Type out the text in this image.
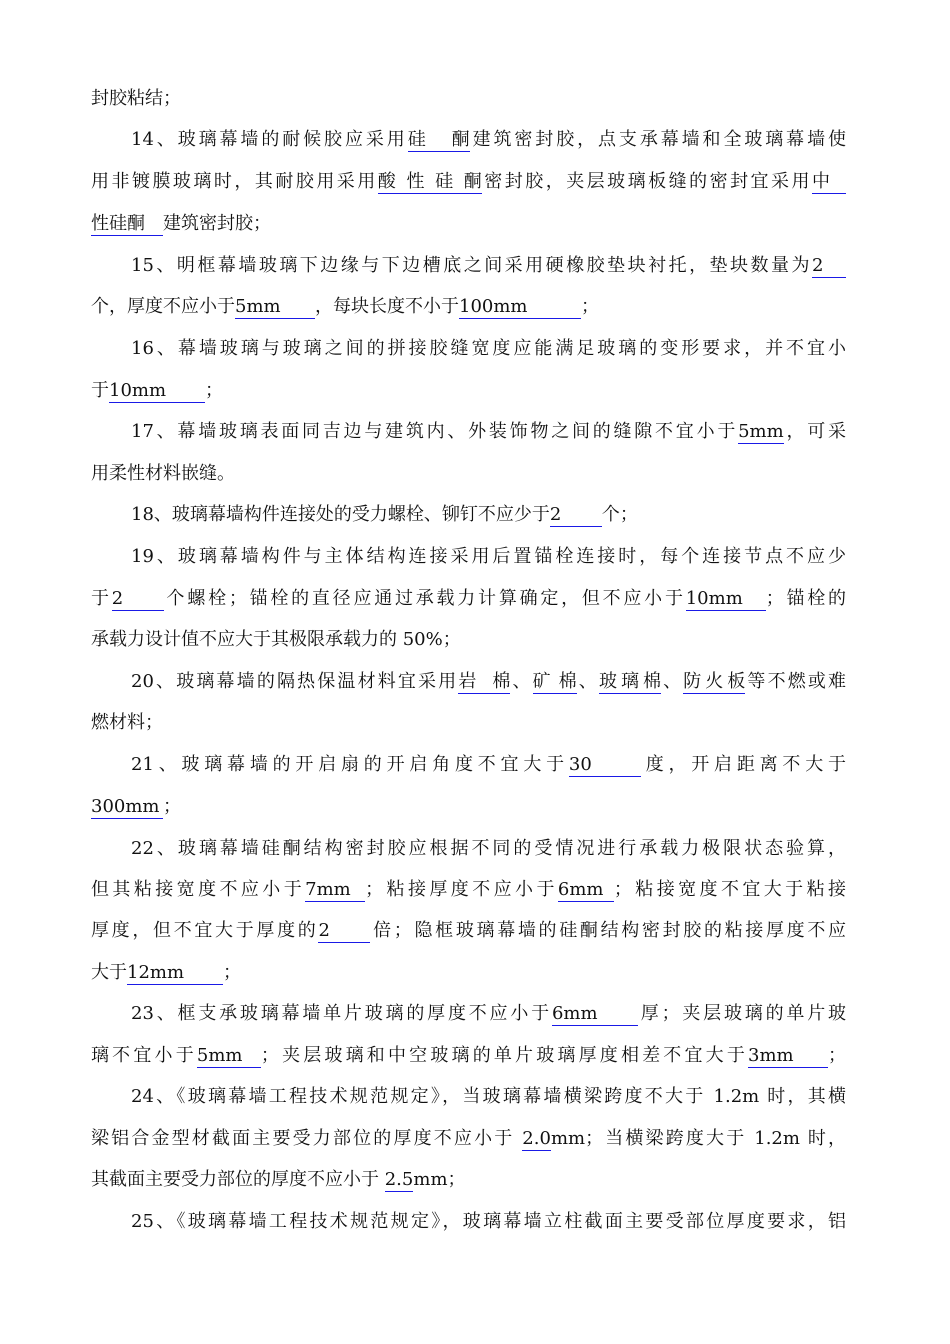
封胶粘结；
14、玻璃幕墙的耐候胶应采用硅酮建筑密封胶，点支承幕墙和全玻璃幕墙使
用非镀膜玻璃时，其耐胶用采用酸性硅酮密封胶，夹层玻璃板缝的密封宜采用中
性硅酮 建筑密封胶；
15、明框幕墙玻璃下边缘与下边槽底之间采用硬橡胶垫块衬托，垫块数量为2
个，厚度不应小于5mm ，每块长度不小于100mm	；
16、幕墙玻璃与玻璃之间的拼接胶缝宽度应能满足玻璃的变形要求，并不宜小
于10mm ；
17、幕墙玻璃表面同吉边与建筑内、外装饰物之间的缝隙不宜小于5mm，可采
用柔性材料嵌缝。
18、玻璃幕墙构件连接处的受力螺栓、铆钉不应少于2 个；
19、玻璃幕墙构件与主体结构连接采用后置锚栓连接时，每个连接节点不应少
于2 个螺栓；锚栓的直径应通过承载力计算确定，但不应小于10mm ；锚栓的
承载力设计值不应大于其极限承载力的 50%；
20、玻璃幕墙的隔热保温材料宜采用岩棉、矿棉、玻璃棉、防火板等不燃或难
燃材料；
21、玻璃幕墙的开启扇的开启角度不宜大于30	度，开启距离不大于
300mm ；
22、玻璃幕墙硅酮结构密封胶应根据不同的受情况进行承载力极限状态验算，
但其粘接宽度不应小于7mm ；粘接厚度不应小于6mm ；粘接宽度不宜大于粘接
厚度，但不宜大于厚度的2 倍；隐框玻璃幕墙的硅酮结构密封胶的粘接厚度不应
大于12mm ；
23、框支承玻璃幕墙单片玻璃的厚度不应小于6mm 厚；夹层玻璃的单片玻
璃不宜小于5mm ；夹层玻璃和中空玻璃的单片玻璃厚度相差不宜大于3mm ；
24、《玻璃幕墙工程技术规范规定》，当玻璃幕墙横梁跨度不大于 1.2m 时，其横
梁铝合金型材截面主要受力部位的厚度不应小于 2.0mm；当横梁跨度大于 1.2m 时，
其截面主要受力部位的厚度不应小于 2.5mm；
25、《玻璃幕墙工程技术规范规定》，玻璃幕墙立柱截面主要受部位厚度要求，铝
